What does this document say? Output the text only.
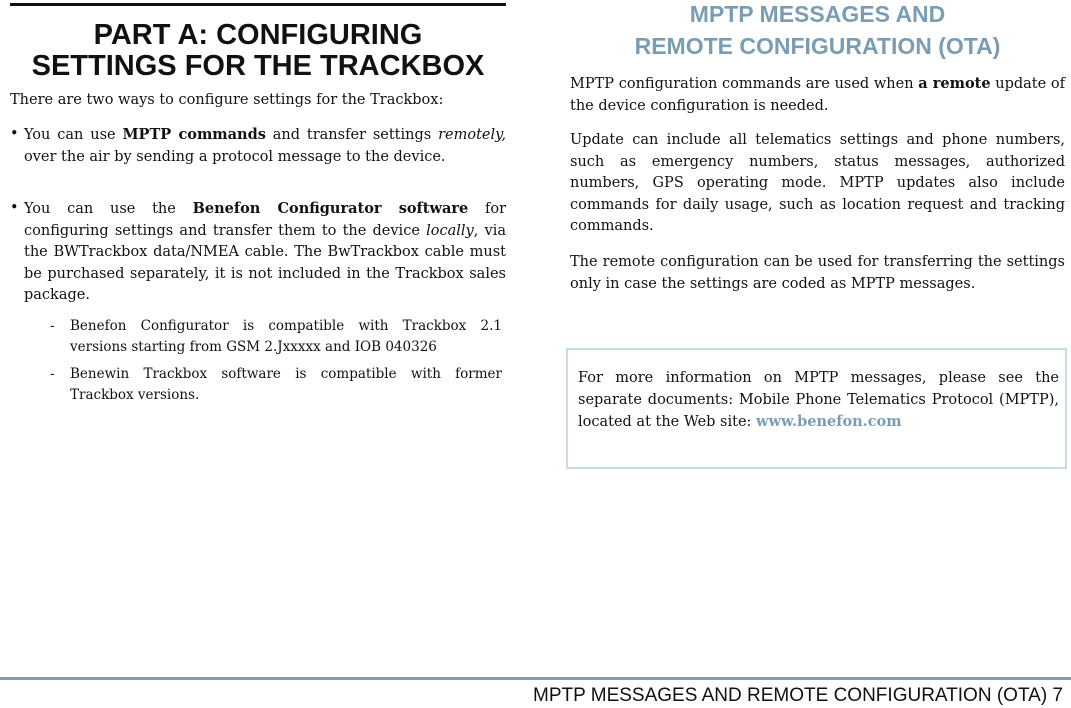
PART A: CONFIGURING
SETTINGS FOR THE TRACKBOX

There are two ways to configure settings for the Trackbox:

• You can use MPTP commands and transfer settings remotely, over the air by sending a protocol message to the device.

• You can use the Benefon Configurator software for configuring settings and transfer them to the device locally, via the BWTrackbox data/NMEA cable. The BwTrackbox cable must be purchased separately, it is not included in the Trackbox sales package.

- Benefon Configurator is compatible with Trackbox 2.1 versions starting from GSM 2.Jxxxxx and IOB 040326

- Benewin Trackbox software is compatible with former Trackbox versions.

MPTP MESSAGES AND
REMOTE CONFIGURATION (OTA)

MPTP configuration commands are used when a remote update of the device configuration is needed.

Update can include all telematics settings and phone numbers, such as emergency numbers, status messages, authorized numbers, GPS operating mode. MPTP updates also include commands for daily usage, such as location request and tracking commands.

The remote configuration can be used for transferring the settings only in case the settings are coded as MPTP messages.

For more information on MPTP messages, please see the separate documents: Mobile Phone Telematics Protocol (MPTP), located at the Web site: www.benefon.com

MPTP MESSAGES AND REMOTE CONFIGURATION (OTA) 7
